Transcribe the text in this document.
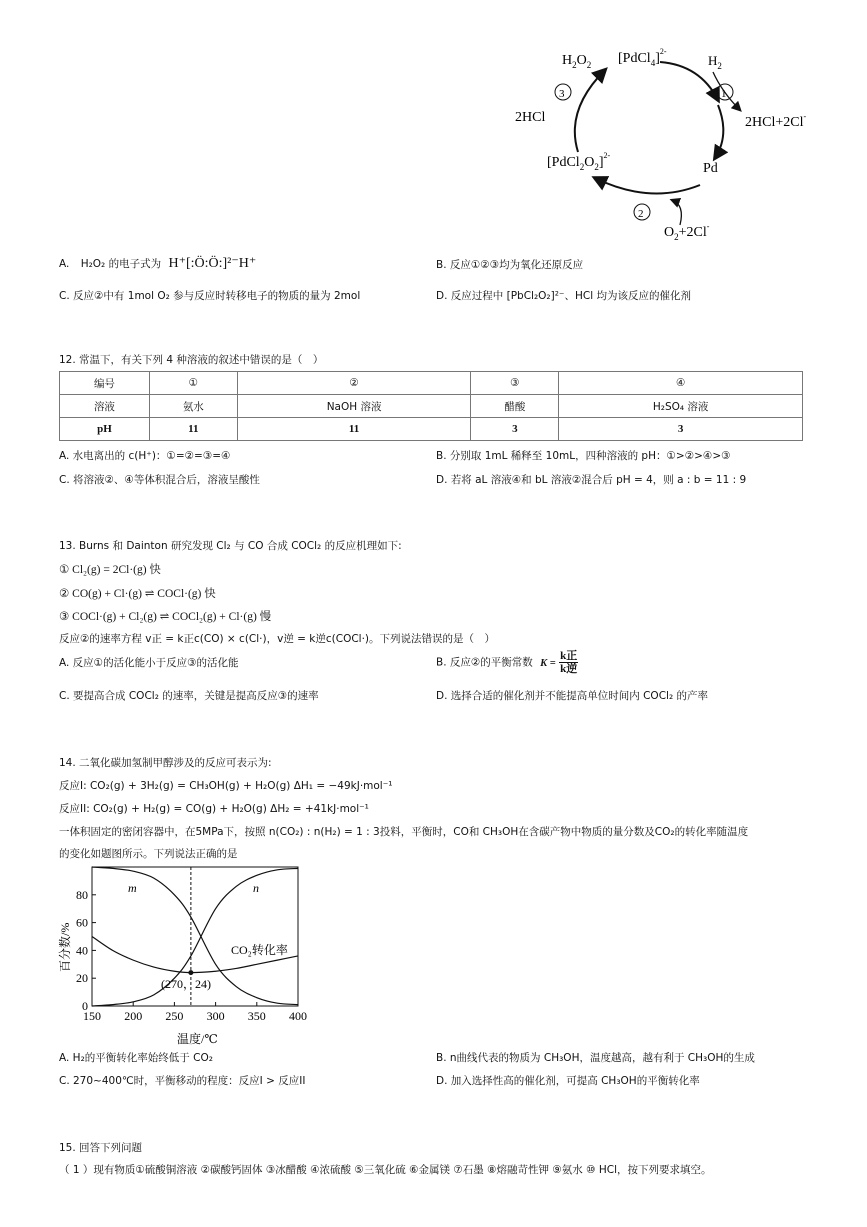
$H_2O_2$ [PdCl$_4$]$^{2-}$
$H_2$
1
2HCl+2Cl-
Pd
2
$O_2+2Cl^-$
$[PdCl_2O_2]^{2-}$
2HCl
3
A. H₂O₂ 的电子式为 H⁺[:Ö:Ö:]²⁻H⁺	B. 反应①②③均为氧化还原反应
C. 反应②中有 1mol O₂ 参与反应时转移电子的物质的量为 2mol	D. 反应过程中 [PbCl₂O₂]²⁻、HCl 均为该反应的催化剂
12. 常温下，有关下列 4 种溶液的叙述中错误的是（　）
编号	①	②	③	④
溶液	氨水	NaOH 溶液	醋酸	H₂SO₄ 溶液
pH	11	11	3	3
A. 水电离出的 c(H⁺)：①=②=③=④	B. 分别取 1mL 稀释至 10mL，四种溶液的 pH：①>②>④>③
C. 将溶液②、④等体积混合后，溶液呈酸性	D. 若将 aL 溶液④和 bL 溶液②混合后 pH = 4，则 a : b = 11 : 9
13. Burns 和 Dainton 研究发现 Cl₂ 与 CO 合成 COCl₂ 的反应机理如下:
① Cl₂(g) = 2Cl·(g) 快
② CO(g) + Cl·(g) ⇌ COCl·(g) 快
③ COCl·(g) + Cl₂(g) ⇌ COCl₂(g) + Cl·(g) 慢
反应②的速率方程 v正 = k正c(CO) × c(Cl·)，v逆 = k逆c(COCl·)。下列说法错误的是（　）
A. 反应①的活化能小于反应③的活化能	B. 反应②的平衡常数 $K = \frac{\text{k正}}{\text{k逆}}$
C. 要提高合成 COCl₂ 的速率，关键是提高反应③的速率	D. 选择合适的催化剂并不能提高单位时间内 COCl₂ 的产率
14. 二氧化碳加氢制甲醇涉及的反应可表示为:
反应I: CO₂(g) + 3H₂(g) = CH₃OH(g) + H₂O(g) ΔH₁ = −49kJ·mol⁻¹
反应II: CO₂(g) + H₂(g) = CO(g) + H₂O(g) ΔH₂ = +41kJ·mol⁻¹
一体积固定的密闭容器中，在5MPa下，按照 n(CO₂) : n(H₂) = 1 : 3投料，平衡时，CO和 CH₃OH在含碳产物中物质的量分数及CO₂的转化率随温度
的变化如题图所示。下列说法正确的是
150 200 250 300 350 400
0
20
40
60
80
百分数/%
温度/℃
m	n
CO₂转化率
(270，24)
A. H₂的平衡转化率始终低于 CO₂	B. n曲线代表的物质为 CH₃OH，温度越高，越有利于 CH₃OH的生成
C. 270~400℃时，平衡移动的程度：反应I > 反应II	D. 加入选择性高的催化剂，可提高 CH₃OH的平衡转化率
15. 回答下列问题
（ 1 ）现有物质①硫酸铜溶液 ②碳酸钙固体 ③冰醋酸 ④浓硫酸 ⑤三氧化硫 ⑥金属镁 ⑦石墨 ⑧熔融苛性钾 ⑨氨水 ⑩ HCl，按下列要求填空。
